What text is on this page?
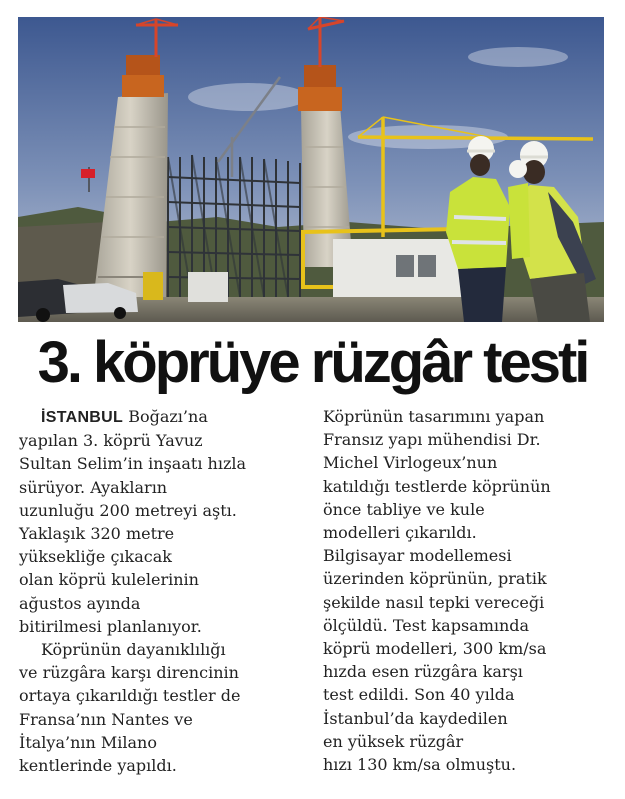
3. köprüye rüzgâr testi
İSTANBUL Boğazı’na
yapılan 3. köprü Yavuz
Sultan Selim’in inşaatı hızla
sürüyor. Ayakların
uzunluğu 200 metreyi aştı.
Yaklaşık 320 metre
yüksekliğe çıkacak
olan köprü kulelerinin
ağustos ayında
bitirilmesi planlanıyor.
Köprünün dayanıklılığı
ve rüzgâra karşı direncinin
ortaya çıkarıldığı testler de
Fransa’nın Nantes ve
İtalya’nın Milano
kentlerinde yapıldı.
Köprünün tasarımını yapan
Fransız yapı mühendisi Dr.
Michel Virlogeux’nun
katıldığı testlerde köprünün
önce tabliye ve kule
modelleri çıkarıldı.
Bilgisayar modellemesi
üzerinden köprünün, pratik
şekilde nasıl tepki vereceği
ölçüldü. Test kapsamında
köprü modelleri, 300 km/sa
hızda esen rüzgâra karşı
test edildi. Son 40 yılda
İstanbul’da kaydedilen
en yüksek rüzgâr
hızı 130 km/sa olmuştu.
